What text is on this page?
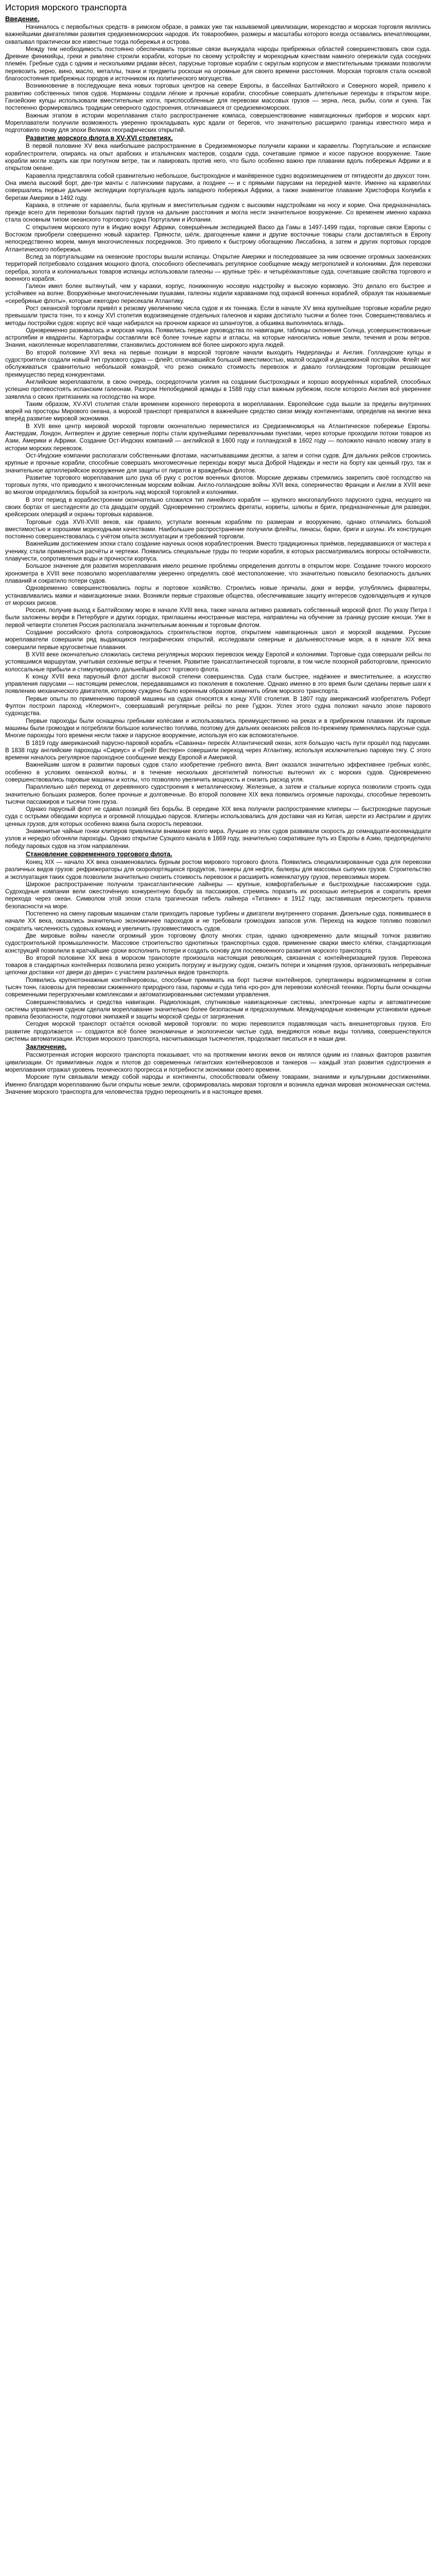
История морского транспорта
Введение.
Начиналось с первобытных средств- в римском образе, в рамках уже так называемой цивилизации, мореходство и морская торговля являлись важнейшими двигателями развития средиземноморских народов. Их товарообмен, размеры и масштабы которого всегда оставались впечатляющими, охватывал практически все известные тогда побережья и острова.
Между тем необходимость постоянно обеспечивать торговые связи вынуждала народы прибрежных областей совершенствовать свои суда. Древние финикийцы, греки и римляне строили корабли, которые по своему устройству и мореходным качествам намного опережали суда соседних племён. Гребные суда с одним и несколькими рядами вёсел, парусные торговые корабли с округлым корпусом и вместительными трюмами позволяли перевозить зерно, вино, масло, металлы, ткани и предметы роскоши на огромные для своего времени расстояния. Морская торговля стала основой благосостояния прибрежных городов и источником их политического могущества.
Возникновение в последующие века новых торговых центров на севере Европы, в бассейнах Балтийского и Северного морей, привело к развитию собственных типов судов. Норманны создали лёгкие и прочные корабли, способные совершать длительные переходы в открытом море. Ганзейские купцы использовали вместительные когги, приспособленные для перевозки массовых грузов — зерна, леса, рыбы, соли и сукна. Так постепенно формировались традиции северного судостроения, отличавшиеся от средиземноморских.
Важным этапом в истории мореплавания стало распространение компаса, совершенствование навигационных приборов и морских карт. Мореплаватели получили возможность уверенно прокладывать курс вдали от берегов, что значительно расширило границы известного мира и подготовило почву для эпохи Великих географических открытий.
Развитие морского флота в XV-XVI столетиях.
В первой половине XV века наибольшее распространение в Средиземноморье получили каракки и каравеллы. Португальские и испанские кораблестроители, опираясь на опыт арабских и итальянских мастеров, создали суда, сочетавшие прямое и косое парусное вооружение. Такие корабли могли ходить как при попутном ветре, так и лавировать против него, что было особенно важно при плавании вдоль побережья Африки и в открытом океане.
Каравелла представляла собой сравнительно небольшое, быстроходное и манёвренное судно водоизмещением от пятидесяти до двухсот тонн. Она имела высокий борт, две-три мачты с латинскими парусами, а позднее — и с прямыми парусами на передней мачте. Именно на каравеллах совершались первые дальние экспедиции португальцев вдоль западного побережья Африки, а также знаменитое плавание Христофора Колумба к берегам Америки в 1492 году.
Каракка, в отличие от каравеллы, была крупным и вместительным судном с высокими надстройками на носу и корме. Она предназначалась прежде всего для перевозки больших партий грузов на дальние расстояния и могла нести значительное вооружение. Со временем именно каракка стала основным типом океанского торгового судна Португалии и Испании.
С открытием морского пути в Индию вокруг Африки, совершённым экспедицией Васко да Гамы в 1497-1499 годах, торговые связи Европы с Востоком приобрели совершенно новый характер. Пряности, шёлк, драгоценные камни и другие восточные товары стали доставляться в Европу непосредственно морем, минуя многочисленных посредников. Это привело к быстрому обогащению Лиссабона, а затем и других портовых городов Атлантического побережья.
Вслед за португальцами на океанские просторы вышли испанцы. Открытие Америки и последовавшее за ним освоение огромных заокеанских территорий потребовало создания мощного флота, способного обеспечивать регулярное сообщение между метрополией и колониями. Для перевозки серебра, золота и колониальных товаров испанцы использовали галеоны — крупные трёх- и четырёхмачтовые суда, сочетавшие свойства торгового и военного корабля.
Галеон имел более вытянутый, чем у каракки, корпус, пониженную носовую надстройку и высокую кормовую. Это делало его быстрее и устойчивее на волне. Вооружённые многочисленными пушками, галеоны ходили караванами под охраной военных кораблей, образуя так называемые «серебряные флоты», которые ежегодно пересекали Атлантику.
Рост океанской торговли привёл к резкому увеличению числа судов и их тоннажа. Если в начале XV века крупнейшие торговые корабли редко превышали триста тонн, то к концу XVI столетия водоизмещение отдельных галеонов и каракк достигало тысячи и более тонн. Совершенствовались и методы постройки судов: корпус всё чаще набирался на прочном каркасе из шпангоутов, а обшивка выполнялась вгладь.
Одновременно развивалась и морская наука. Появились первые руководства по навигации, таблицы склонения Солнца, усовершенствованные астролябии и квадранты. Картографы составляли всё более точные карты и атласы, на которые наносились новые земли, течения и розы ветров. Знания, накопленные мореплавателями, становились достоянием всё более широкого круга людей.
Во второй половине XVI века на первые позиции в морской торговле начали выходить Нидерланды и Англия. Голландские купцы и судостроители создали новый тип грузового судна — флейт, отличавшийся большой вместимостью, малой осадкой и дешевизной постройки. Флейт мог обслуживаться сравнительно небольшой командой, что резко снижало стоимость перевозок и давало голландским торговцам решающее преимущество перед конкурентами.
Английские мореплаватели, в свою очередь, сосредоточили усилия на создании быстроходных и хорошо вооружённых кораблей, способных успешно противостоять испанским галеонам. Разгром Непобедимой армады в 1588 году стал важным рубежом, после которого Англия всё увереннее заявляла о своих притязаниях на господство на море.
Таким образом, XV-XVI столетия стали временем коренного переворота в мореплавании. Европейские суда вышли за пределы внутренних морей на просторы Мирового океана, а морской транспорт превратился в важнейшее средство связи между континентами, определив на многие века вперёд развитие мировой экономики.
В XVII веке центр мировой морской торговли окончательно переместился из Средиземноморья на Атлантическое побережье Европы. Амстердам, Лондон, Антверпен и другие северные порты стали крупнейшими перевалочными пунктами, через которые проходили потоки товаров из Азии, Америки и Африки. Создание Ост-Индских компаний — английской в 1600 году и голландской в 1602 году — положило начало новому этапу в истории морских перевозок.
Ост-Индские компании располагали собственными флотами, насчитывавшими десятки, а затем и сотни судов. Для дальних рейсов строились крупные и прочные корабли, способные совершать многомесячные переходы вокруг мыса Доброй Надежды и нести на борту как ценный груз, так и значительное артиллерийское вооружение для защиты от пиратов и враждебных флотов.
Развитие торгового мореплавания шло рука об руку с ростом военных флотов. Морские державы стремились закрепить своё господство на торговых путях, что приводило к многочисленным морским войнам. Англо-голландские войны XVII века, соперничество Франции и Англии в XVIII веке во многом определялись борьбой за контроль над морской торговлей и колониями.
В этот период в кораблестроении окончательно сложился тип линейного корабля — крупного многопалубного парусного судна, несущего на своих бортах от шестидесяти до ста двадцати орудий. Одновременно строились фрегаты, корветы, шлюпы и бриги, предназначенные для разведки, крейсерских операций и охраны торговых караванов.
Торговые суда XVII-XVIII веков, как правило, уступали военным кораблям по размерам и вооружению, однако отличались большой вместимостью и хорошими мореходными качествами. Наибольшее распространение получили флейты, пинасы, барки, бриги и шхуны. Их конструкция постоянно совершенствовалась с учётом опыта эксплуатации и требований торговли.
Важнейшим достижением эпохи стало создание научных основ кораблестроения. Вместо традиционных приёмов, передававшихся от мастера к ученику, стали применяться расчёты и чертежи. Появились специальные труды по теории корабля, в которых рассматривались вопросы остойчивости, плавучести, сопротивления воды и прочности корпуса.
Большое значение для развития мореплавания имело решение проблемы определения долготы в открытом море. Создание точного морского хронометра в XVIII веке позволило мореплавателям уверенно определять своё местоположение, что значительно повысило безопасность дальних плаваний и сократило потери судов.
Одновременно совершенствовались порты и портовое хозяйство. Строились новые причалы, доки и верфи, углублялись фарватеры, устанавливались маяки и навигационные знаки. Возникли первые страховые общества, обеспечивавшие защиту интересов судовладельцев и купцов от морских рисков.
Россия, получив выход к Балтийскому морю в начале XVIII века, также начала активно развивать собственный морской флот. По указу Петра I были заложены верфи в Петербурге и других городах, приглашены иностранные мастера, направлены на обучение за границу русские юноши. Уже в первой четверти столетия Россия располагала значительным военным и торговым флотом.
Создание российского флота сопровождалось строительством портов, открытием навигационных школ и морской академии. Русские мореплаватели совершили ряд выдающихся географических открытий, исследовали северные и дальневосточные моря, а в начале XIX века совершили первые кругосветные плавания.
В XVIII веке окончательно сложилась система регулярных морских перевозок между Европой и колониями. Торговые суда совершали рейсы по устоявшимся маршрутам, учитывая сезонные ветры и течения. Развитие трансатлантической торговли, в том числе позорной работорговли, приносило колоссальные прибыли и стимулировало дальнейший рост торгового флота.
К концу XVIII века парусный флот достиг высокой степени совершенства. Суда стали быстрее, надёжнее и вместительнее, а искусство управления парусами — настоящим ремеслом, передававшимся из поколения в поколение. Однако именно в это время были сделаны первые шаги к появлению механического двигателя, которому суждено было коренным образом изменить облик морского транспорта.
Первые опыты по применению паровой машины на судах относятся к концу XVIII столетия. В 1807 году американский изобретатель Роберт Фултон построил пароход «Клермонт», совершавший регулярные рейсы по реке Гудзон. Успех этого судна положил начало эпохе парового судоходства.
Первые пароходы были оснащены гребными колёсами и использовались преимущественно на реках и в прибрежном плавании. Их паровые машины были громоздки и потребляли большое количество топлива, поэтому для дальних океанских рейсов по-прежнему применялись парусные суда. Многие пароходы того времени несли также и парусное вооружение, используя его как вспомогательное.
В 1819 году американский парусно-паровой корабль «Саванна» пересёк Атлантический океан, хотя большую часть пути прошёл под парусами. В 1838 году английские пароходы «Сириус» и «Грейт Вестерн» совершили переход через Атлантику, используя исключительно паровую тягу. С этого времени началось регулярное пароходное сообщение между Европой и Америкой.
Важнейшим шагом в развитии паровых судов стало изобретение гребного винта. Винт оказался значительно эффективнее гребных колёс, особенно в условиях океанской волны, и в течение нескольких десятилетий полностью вытеснил их с морских судов. Одновременно совершенствовались паровые машины и котлы, что позволяло увеличить мощность и снизить расход угля.
Параллельно шёл переход от деревянного судостроения к металлическому. Железные, а затем и стальные корпуса позволили строить суда значительно больших размеров, более прочные и долговечные. Во второй половине XIX века появились огромные пароходы, способные перевозить тысячи пассажиров и тысячи тонн груза.
Однако парусный флот не сдавал позиций без борьбы. В середине XIX века получили распространение клиперы — быстроходные парусные суда с острыми обводами корпуса и огромной площадью парусов. Клиперы использовались для доставки чая из Китая, шерсти из Австралии и других ценных грузов, для которых особенно важна была скорость перевозки.
Знаменитые чайные гонки клиперов привлекали внимание всего мира. Лучшие из этих судов развивали скорость до семнадцати-восемнадцати узлов и нередко обгоняли пароходы. Однако открытие Суэцкого канала в 1869 году, значительно сократившее путь из Европы в Азию, предопределило победу паровых судов на этом направлении.
Становление современного торгового флота.
Конец XIX — начало XX века ознаменовались бурным ростом мирового торгового флота. Появились специализированные суда для перевозки различных видов грузов: рефрижераторы для скоропортящихся продуктов, танкеры для нефти, балкеры для массовых сыпучих грузов. Строительство и эксплуатация таких судов позволили значительно снизить стоимость перевозок и расширить номенклатуру грузов, перевозимых морем.
Широкое распространение получили трансатлантические лайнеры — крупные, комфортабельные и быстроходные пассажирские суда. Судоходные компании вели ожесточённую конкурентную борьбу за пассажиров, стремясь поразить их роскошью интерьеров и сократить время перехода через океан. Символом этой эпохи стала трагическая гибель лайнера «Титаник» в 1912 году, заставившая пересмотреть правила безопасности на море.
Постепенно на смену паровым машинам стали приходить паровые турбины и двигатели внутреннего сгорания. Дизельные суда, появившиеся в начале XX века, оказались значительно экономичнее пароходов и не требовали громоздких запасов угля. Переход на жидкое топливо позволил сократить численность судовых команд и увеличить грузовместимость судов.
Две мировые войны нанесли огромный урон торговому флоту многих стран, однако одновременно дали мощный толчок развитию судостроительной промышленности. Массовое строительство однотипных транспортных судов, применение сварки вместо клёпки, стандартизация конструкций позволили в кратчайшие сроки восполнить потери и создать основу для послевоенного развития морского транспорта.
Во второй половине XX века в морском транспорте произошла настоящая революция, связанная с контейнеризацией грузов. Перевозка товаров в стандартных контейнерах позволила резко ускорить погрузку и выгрузку судов, снизить потери и хищения грузов, организовать непрерывные цепочки доставки «от двери до двери» с участием различных видов транспорта.
Появились крупнотоннажные контейнеровозы, способные принимать на борт тысячи контейнеров, супертанкеры водоизмещением в сотни тысяч тонн, газовозы для перевозки сжиженного природного газа, паромы и суда типа «ро-ро» для перевозки колёсной техники. Порты были оснащены современными перегрузочными комплексами и автоматизированными системами управления.
Совершенствовались и средства навигации. Радиолокация, спутниковые навигационные системы, электронные карты и автоматические системы управления судном сделали мореплавание значительно более безопасным и предсказуемым. Международные конвенции установили единые правила безопасности, подготовки экипажей и защиты морской среды от загрязнения.
Сегодня морской транспорт остаётся основой мировой торговли: по морю перевозится подавляющая часть внешнеторговых грузов. Его развитие продолжается — создаются всё более экономичные и экологически чистые суда, внедряются новые виды топлива, совершенствуются системы автоматизации. История морского транспорта, насчитывающая тысячелетия, продолжает писаться и в наши дни.
Заключение.
Рассмотренная история морского транспорта показывает, что на протяжении многих веков он являлся одним из главных факторов развития цивилизации. От примитивных лодок и плотов до современных гигантских контейнеровозов и танкеров — каждый этап развития судостроения и мореплавания отражал уровень технического прогресса и потребности экономики своего времени.
Морские пути связывали между собой народы и континенты, способствовали обмену товарами, знаниями и культурными достижениями. Именно благодаря мореплаванию были открыты новые земли, сформировалась мировая торговля и возникла единая мировая экономическая система. Значение морского транспорта для человечества трудно переоценить и в настоящее время.
